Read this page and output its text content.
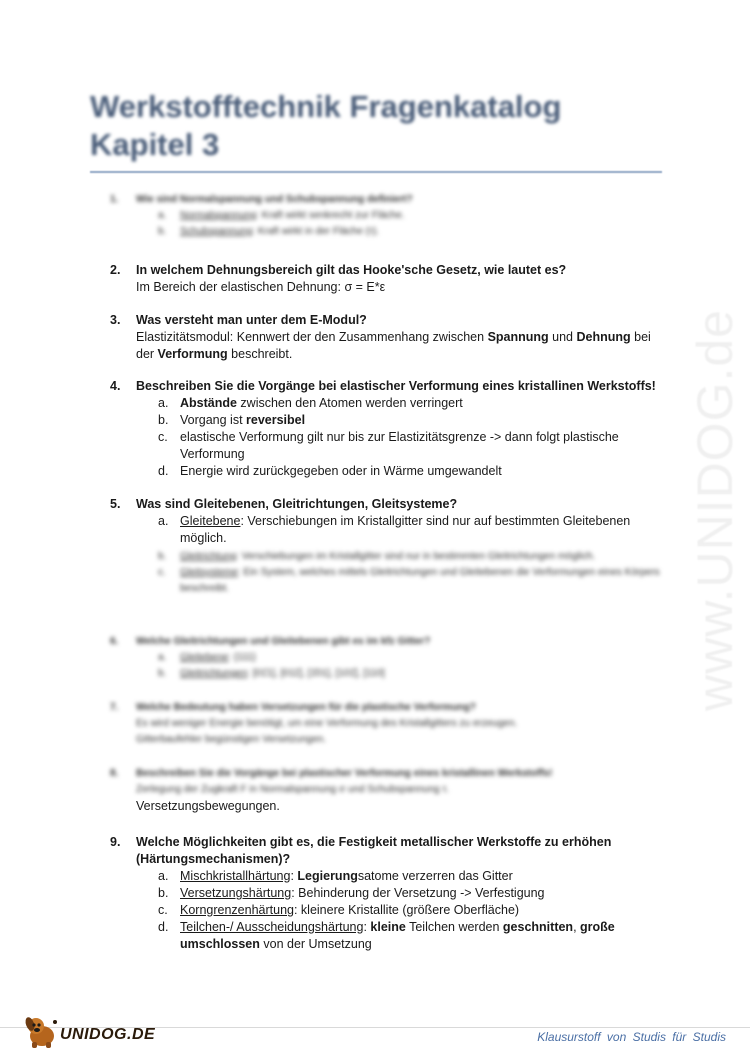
www.UNIDOG.de
Werkstofftechnik Fragenkatalog
Kapitel 3
1. Wie sind Normalspannung und Schubspannung definiert?
a. Normalspannung: Kraft wirkt senkrecht zur Fläche.
b. Schubspannung: Kraft wirkt in der Fläche (τ).
2. In welchem Dehnungsbereich gilt das Hooke'sche Gesetz, wie lautet es?
Im Bereich der elastischen Dehnung: σ = E*ε
3. Was versteht man unter dem E-Modul?
Elastizitätsmodul: Kennwert der den Zusammenhang zwischen Spannung und Dehnung bei der Verformung beschreibt.
4. Beschreiben Sie die Vorgänge bei elastischer Verformung eines kristallinen Werkstoffs!
a. Abstände zwischen den Atomen werden verringert
b. Vorgang ist reversibel
c. elastische Verformung gilt nur bis zur Elastizitätsgrenze -> dann folgt plastische Verformung
d. Energie wird zurückgegeben oder in Wärme umgewandelt
5. Was sind Gleitebenen, Gleitrichtungen, Gleitsysteme?
a. Gleitebene: Verschiebungen im Kristallgitter sind nur auf bestimmten Gleitebenen möglich.
b. Gleitrichtung: Verschiebungen im Kristallgitter sind nur in bestimmten Gleitrichtungen möglich.
c. Gleitsysteme: Ein System, welches mittels Gleitrichtungen und Gleitebenen die Verformungen eines Körpers beschreibt.
6. Welche Gleitrichtungen und Gleitebenen gibt es im kfz Gitter?
a. Gleitebene: {111}
b. Gleitrichtungen: [01̄1], [011̄], [1̄01], [101̄], [110]
7. Welche Bedeutung haben Versetzungen für die plastische Verformung?
Es wird weniger Energie benötigt, um eine Verformung des Kristallgitters zu erzeugen.
Gitterbaufehler begünstigen Versetzungen.
8. Beschreiben Sie die Vorgänge bei plastischer Verformung eines kristallinen Werkstoffs!
Zerlegung der Zugkraft F in Normalspannung σ und Schubspannung τ.
Versetzungsbewegungen.
9. Welche Möglichkeiten gibt es, die Festigkeit metallischer Werkstoffe zu erhöhen (Härtungsmechanismen)?
a. Mischkristallhärtung: Legierungsatome verzerren das Gitter
b. Versetzungshärtung: Behinderung der Versetzung -> Verfestigung
c. Korngrenzenhärtung: kleinere Kristallite (größere Oberfläche)
d. Teilchen-/ Ausscheidungshärtung: kleine Teilchen werden geschnitten, große umschlossen von der Umsetzung
UNIDOG.DE	Klausurstoff von Studis für Studis
